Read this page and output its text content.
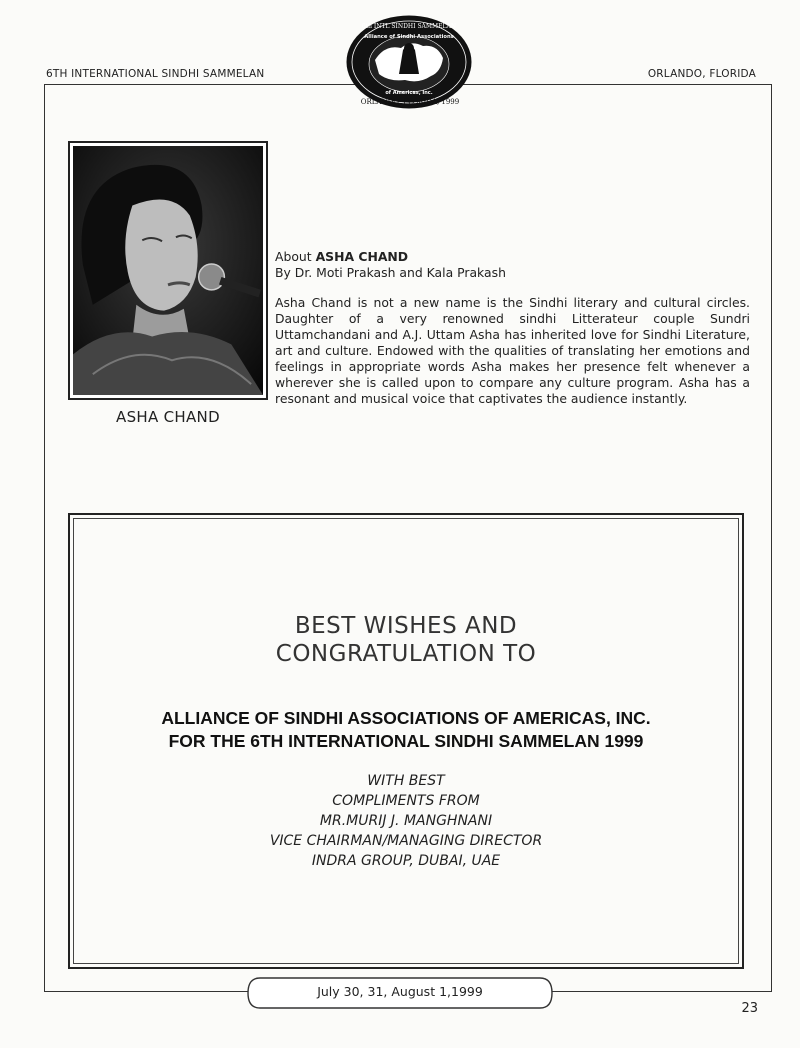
6TH INTERNATIONAL SINDHI SAMMELAN	ORLANDO, FLORIDA
6th INTL SINDHI SAMMELAN
Alliance of Sindhi Associations
of Americas, Inc.
ORLANDO, FLORIDA, 1999
ASHA CHAND
About ASHA CHAND
By Dr. Moti Prakash and Kala Prakash
Asha Chand is not a new name is the Sindhi literary and cultural circles. Daughter of a very renowned sindhi Litterateur couple Sundri Uttamchandani and A.J. Uttam Asha has inherited love for Sindhi Literature, art and culture. Endowed with the qualities of translating her emotions and feelings in appropriate words Asha makes her presence felt whenever a wherever she is called upon to compare any culture program. Asha has a resonant and musical voice that captivates the audience instantly.
BEST WISHES AND
CONGRATULATION TO
ALLIANCE OF SINDHI ASSOCIATIONS OF AMERICAS, INC.
FOR THE 6TH INTERNATIONAL SINDHI SAMMELAN 1999
WITH BEST
COMPLIMENTS FROM
MR.MURIJ J. MANGHNANI
VICE CHAIRMAN/MANAGING DIRECTOR
INDRA GROUP, DUBAI, UAE
July 30, 31, August 1,1999
23
